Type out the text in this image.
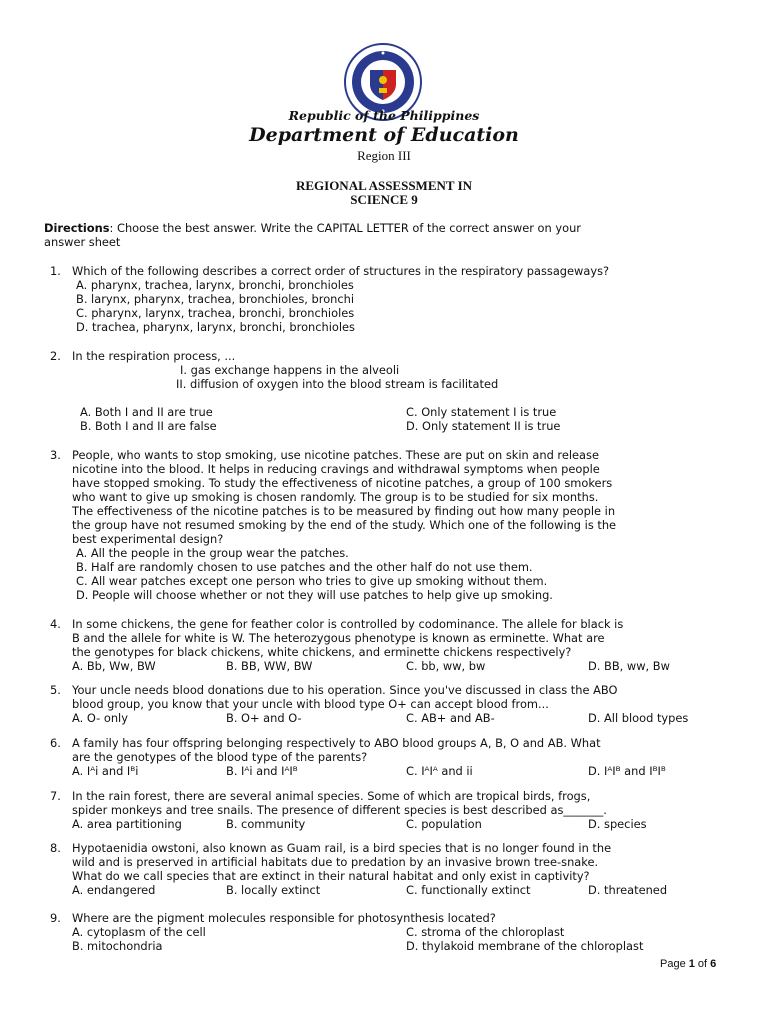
Republic of the Philippines
Department of Education
Region III
REGIONAL ASSESSMENT IN
SCIENCE 9
Directions: Choose the best answer. Write the CAPITAL LETTER of the correct answer on your
answer sheet
1. Which of the following describes a correct order of structures in the respiratory passageways?
A. pharynx, trachea, larynx, bronchi, bronchioles
B. larynx, pharynx, trachea, bronchioles, bronchi
C. pharynx, larynx, trachea, bronchi, bronchioles
D. trachea, pharynx, larynx, bronchi, bronchioles
2. In the respiration process, ...
I. gas exchange happens in the alveoli
II. diffusion of oxygen into the blood stream is facilitated
A. Both I and II are true
B. Both I and II are false
C. Only statement I is true
D. Only statement II is true
3. People, who wants to stop smoking, use nicotine patches. These are put on skin and release
nicotine into the blood. It helps in reducing cravings and withdrawal symptoms when people
have stopped smoking. To study the effectiveness of nicotine patches, a group of 100 smokers
who want to give up smoking is chosen randomly. The group is to be studied for six months.
The effectiveness of the nicotine patches is to be measured by finding out how many people in
the group have not resumed smoking by the end of the study. Which one of the following is the
best experimental design?
A. All the people in the group wear the patches.
B. Half are randomly chosen to use patches and the other half do not use them.
C. All wear patches except one person who tries to give up smoking without them.
D. People will choose whether or not they will use patches to help give up smoking.
4. In some chickens, the gene for feather color is controlled by codominance. The allele for black is
B and the allele for white is W. The heterozygous phenotype is known as erminette. What are
the genotypes for black chickens, white chickens, and erminette chickens respectively?
A. Bb, Ww, BW	B. BB, WW, BW	C. bb, ww, bw	D. BB, ww, Bw
5. Your uncle needs blood donations due to his operation. Since you've discussed in class the ABO
blood group, you know that your uncle with blood type O+ can accept blood from...
A. O- only	B. O+ and O-	C. AB+ and AB-	D. All blood types
6. A family has four offspring belonging respectively to ABO blood groups A, B, O and AB. What
are the genotypes of the blood type of the parents?
A. Iᴬi and Iᴮi	B. Iᴬi and IᴬIᴮ	C. IᴬIᴬ and ii	D. IᴬIᴮ and IᴮIᴮ
7. In the rain forest, there are several animal species. Some of which are tropical birds, frogs,
spider monkeys and tree snails. The presence of different species is best described as_______.
A. area partitioning	B. community	C. population	D. species
8. Hypotaenidia owstoni, also known as Guam rail, is a bird species that is no longer found in the
wild and is preserved in artificial habitats due to predation by an invasive brown tree-snake.
What do we call species that are extinct in their natural habitat and only exist in captivity?
A. endangered	B. locally extinct	C. functionally extinct	D. threatened
9. Where are the pigment molecules responsible for photosynthesis located?
A. cytoplasm of the cell
B. mitochondria
C. stroma of the chloroplast
D. thylakoid membrane of the chloroplast
Page 1 of 6
